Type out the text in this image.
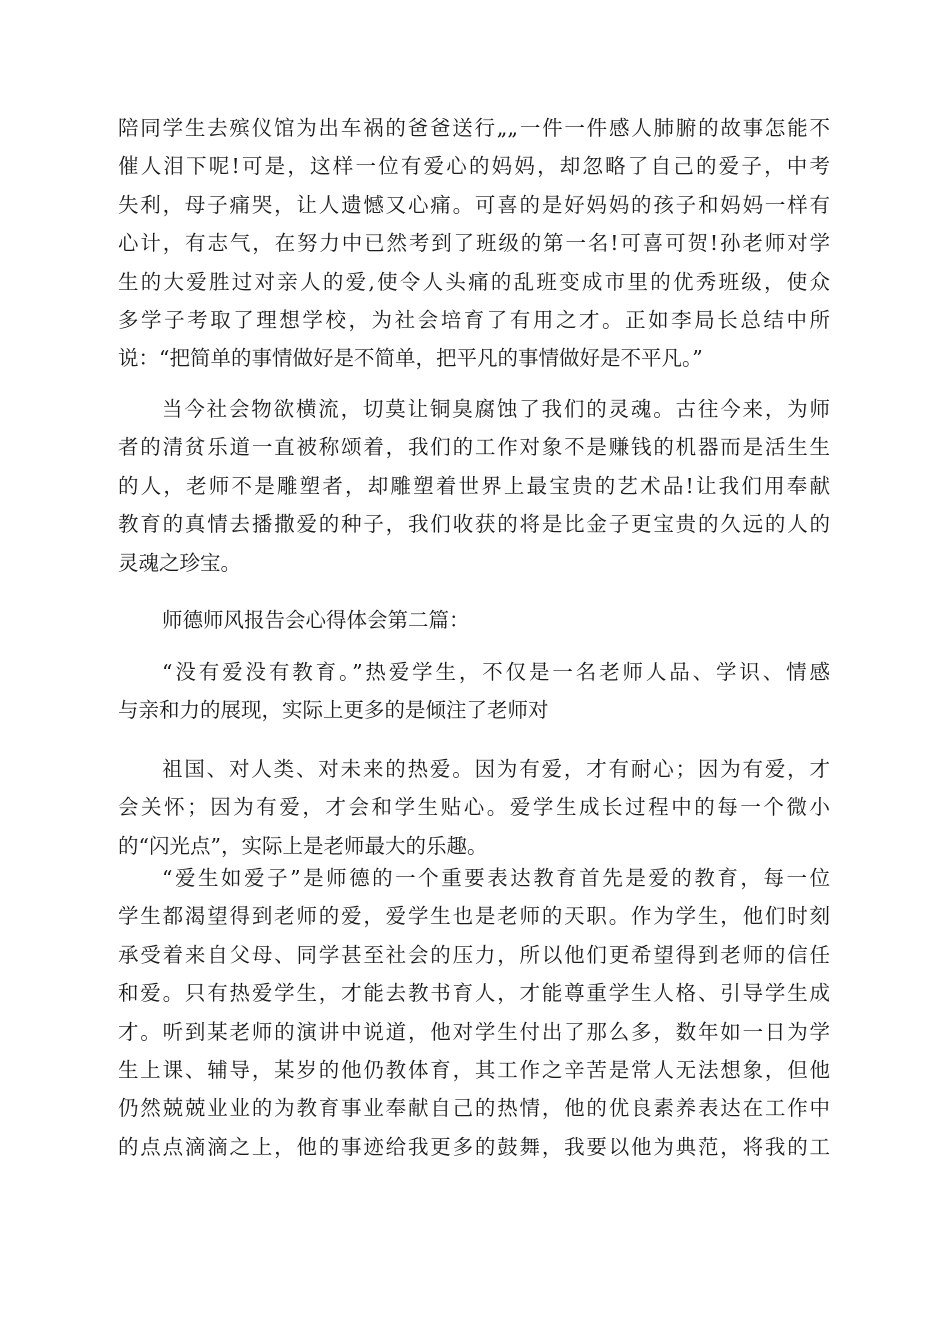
陪同学生去殡仪馆为出车祸的爸爸送行„„一件一件感人肺腑的故事怎能不
催人泪下呢!可是，这样一位有爱心的妈妈，却忽略了自己的爱子，中考
失利，母子痛哭，让人遗憾又心痛。可喜的是好妈妈的孩子和妈妈一样有
心计，有志气，在努力中已然考到了班级的第一名!可喜可贺!孙老师对学
生的大爱胜过对亲人的爱,使令人头痛的乱班变成市里的优秀班级，使众
多学子考取了理想学校，为社会培育了有用之才。正如李局长总结中所
说：“把简单的事情做好是不简单，把平凡的事情做好是不平凡。”
当今社会物欲横流，切莫让铜臭腐蚀了我们的灵魂。古往今来，为师
者的清贫乐道一直被称颂着，我们的工作对象不是赚钱的机器而是活生生
的人，老师不是雕塑者，却雕塑着世界上最宝贵的艺术品!让我们用奉献
教育的真情去播撒爱的种子，我们收获的将是比金子更宝贵的久远的人的
灵魂之珍宝。
师德师风报告会心得体会第二篇：
“没有爱没有教育。”热爱学生，不仅是一名老师人品、学识、情感
与亲和力的展现，实际上更多的是倾注了老师对
祖国、对人类、对未来的热爱。因为有爱，才有耐心；因为有爱，才
会关怀；因为有爱，才会和学生贴心。爱学生成长过程中的每一个微小
的“闪光点”，实际上是老师最大的乐趣。
“爱生如爱子”是师德的一个重要表达教育首先是爱的教育，每一位
学生都渴望得到老师的爱，爱学生也是老师的天职。作为学生，他们时刻
承受着来自父母、同学甚至社会的压力，所以他们更希望得到老师的信任
和爱。只有热爱学生，才能去教书育人，才能尊重学生人格、引导学生成
才。听到某老师的演讲中说道，他对学生付出了那么多，数年如一日为学
生上课、辅导，某岁的他仍教体育，其工作之辛苦是常人无法想象，但他
仍然兢兢业业的为教育事业奉献自己的热情，他的优良素养表达在工作中
的点点滴滴之上，他的事迹给我更多的鼓舞，我要以他为典范，将我的工
